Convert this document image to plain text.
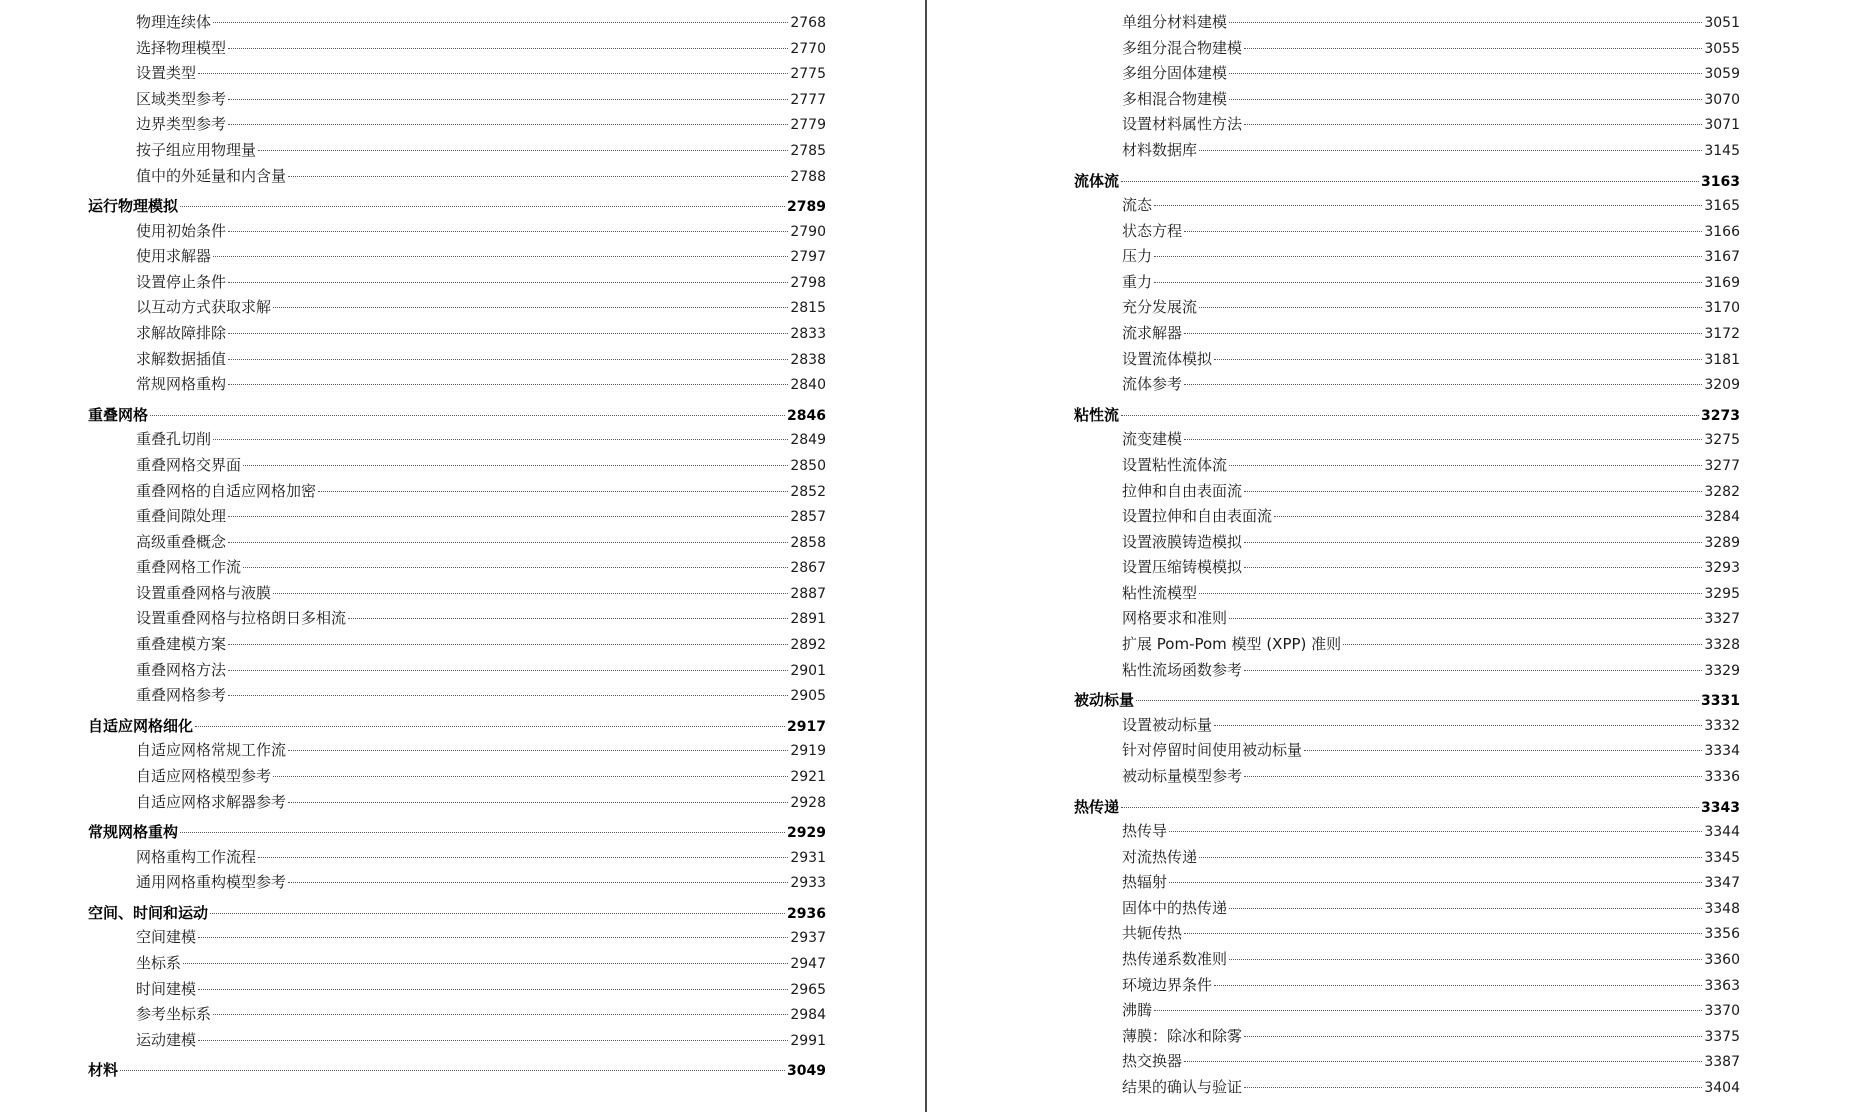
物理连续体	2768
选择物理模型	2770
设置类型	2775
区域类型参考	2777
边界类型参考	2779
按子组应用物理量	2785
值中的外延量和内含量	2788
运行物理模拟	2789
使用初始条件	2790
使用求解器	2797
设置停止条件	2798
以互动方式获取求解	2815
求解故障排除	2833
求解数据插值	2838
常规网格重构	2840
重叠网格	2846
重叠孔切削	2849
重叠网格交界面	2850
重叠网格的自适应网格加密	2852
重叠间隙处理	2857
高级重叠概念	2858
重叠网格工作流	2867
设置重叠网格与液膜	2887
设置重叠网格与拉格朗日多相流	2891
重叠建模方案	2892
重叠网格方法	2901
重叠网格参考	2905
自适应网格细化	2917
自适应网格常规工作流	2919
自适应网格模型参考	2921
自适应网格求解器参考	2928
常规网格重构	2929
网格重构工作流程	2931
通用网格重构模型参考	2933
空间、时间和运动	2936
空间建模	2937
坐标系	2947
时间建模	2965
参考坐标系	2984
运动建模	2991
材料	3049
单组分材料建模	3051
多组分混合物建模	3055
多组分固体建模	3059
多相混合物建模	3070
设置材料属性方法	3071
材料数据库	3145
流体流	3163
流态	3165
状态方程	3166
压力	3167
重力	3169
充分发展流	3170
流求解器	3172
设置流体模拟	3181
流体参考	3209
粘性流	3273
流变建模	3275
设置粘性流体流	3277
拉伸和自由表面流	3282
设置拉伸和自由表面流	3284
设置液膜铸造模拟	3289
设置压缩铸模模拟	3293
粘性流模型	3295
网格要求和准则	3327
扩展 Pom-Pom 模型 (XPP) 准则	3328
粘性流场函数参考	3329
被动标量	3331
设置被动标量	3332
针对停留时间使用被动标量	3334
被动标量模型参考	3336
热传递	3343
热传导	3344
对流热传递	3345
热辐射	3347
固体中的热传递	3348
共轭传热	3356
热传递系数准则	3360
环境边界条件	3363
沸腾	3370
薄膜：除冰和除雾	3375
热交换器	3387
结果的确认与验证	3404
